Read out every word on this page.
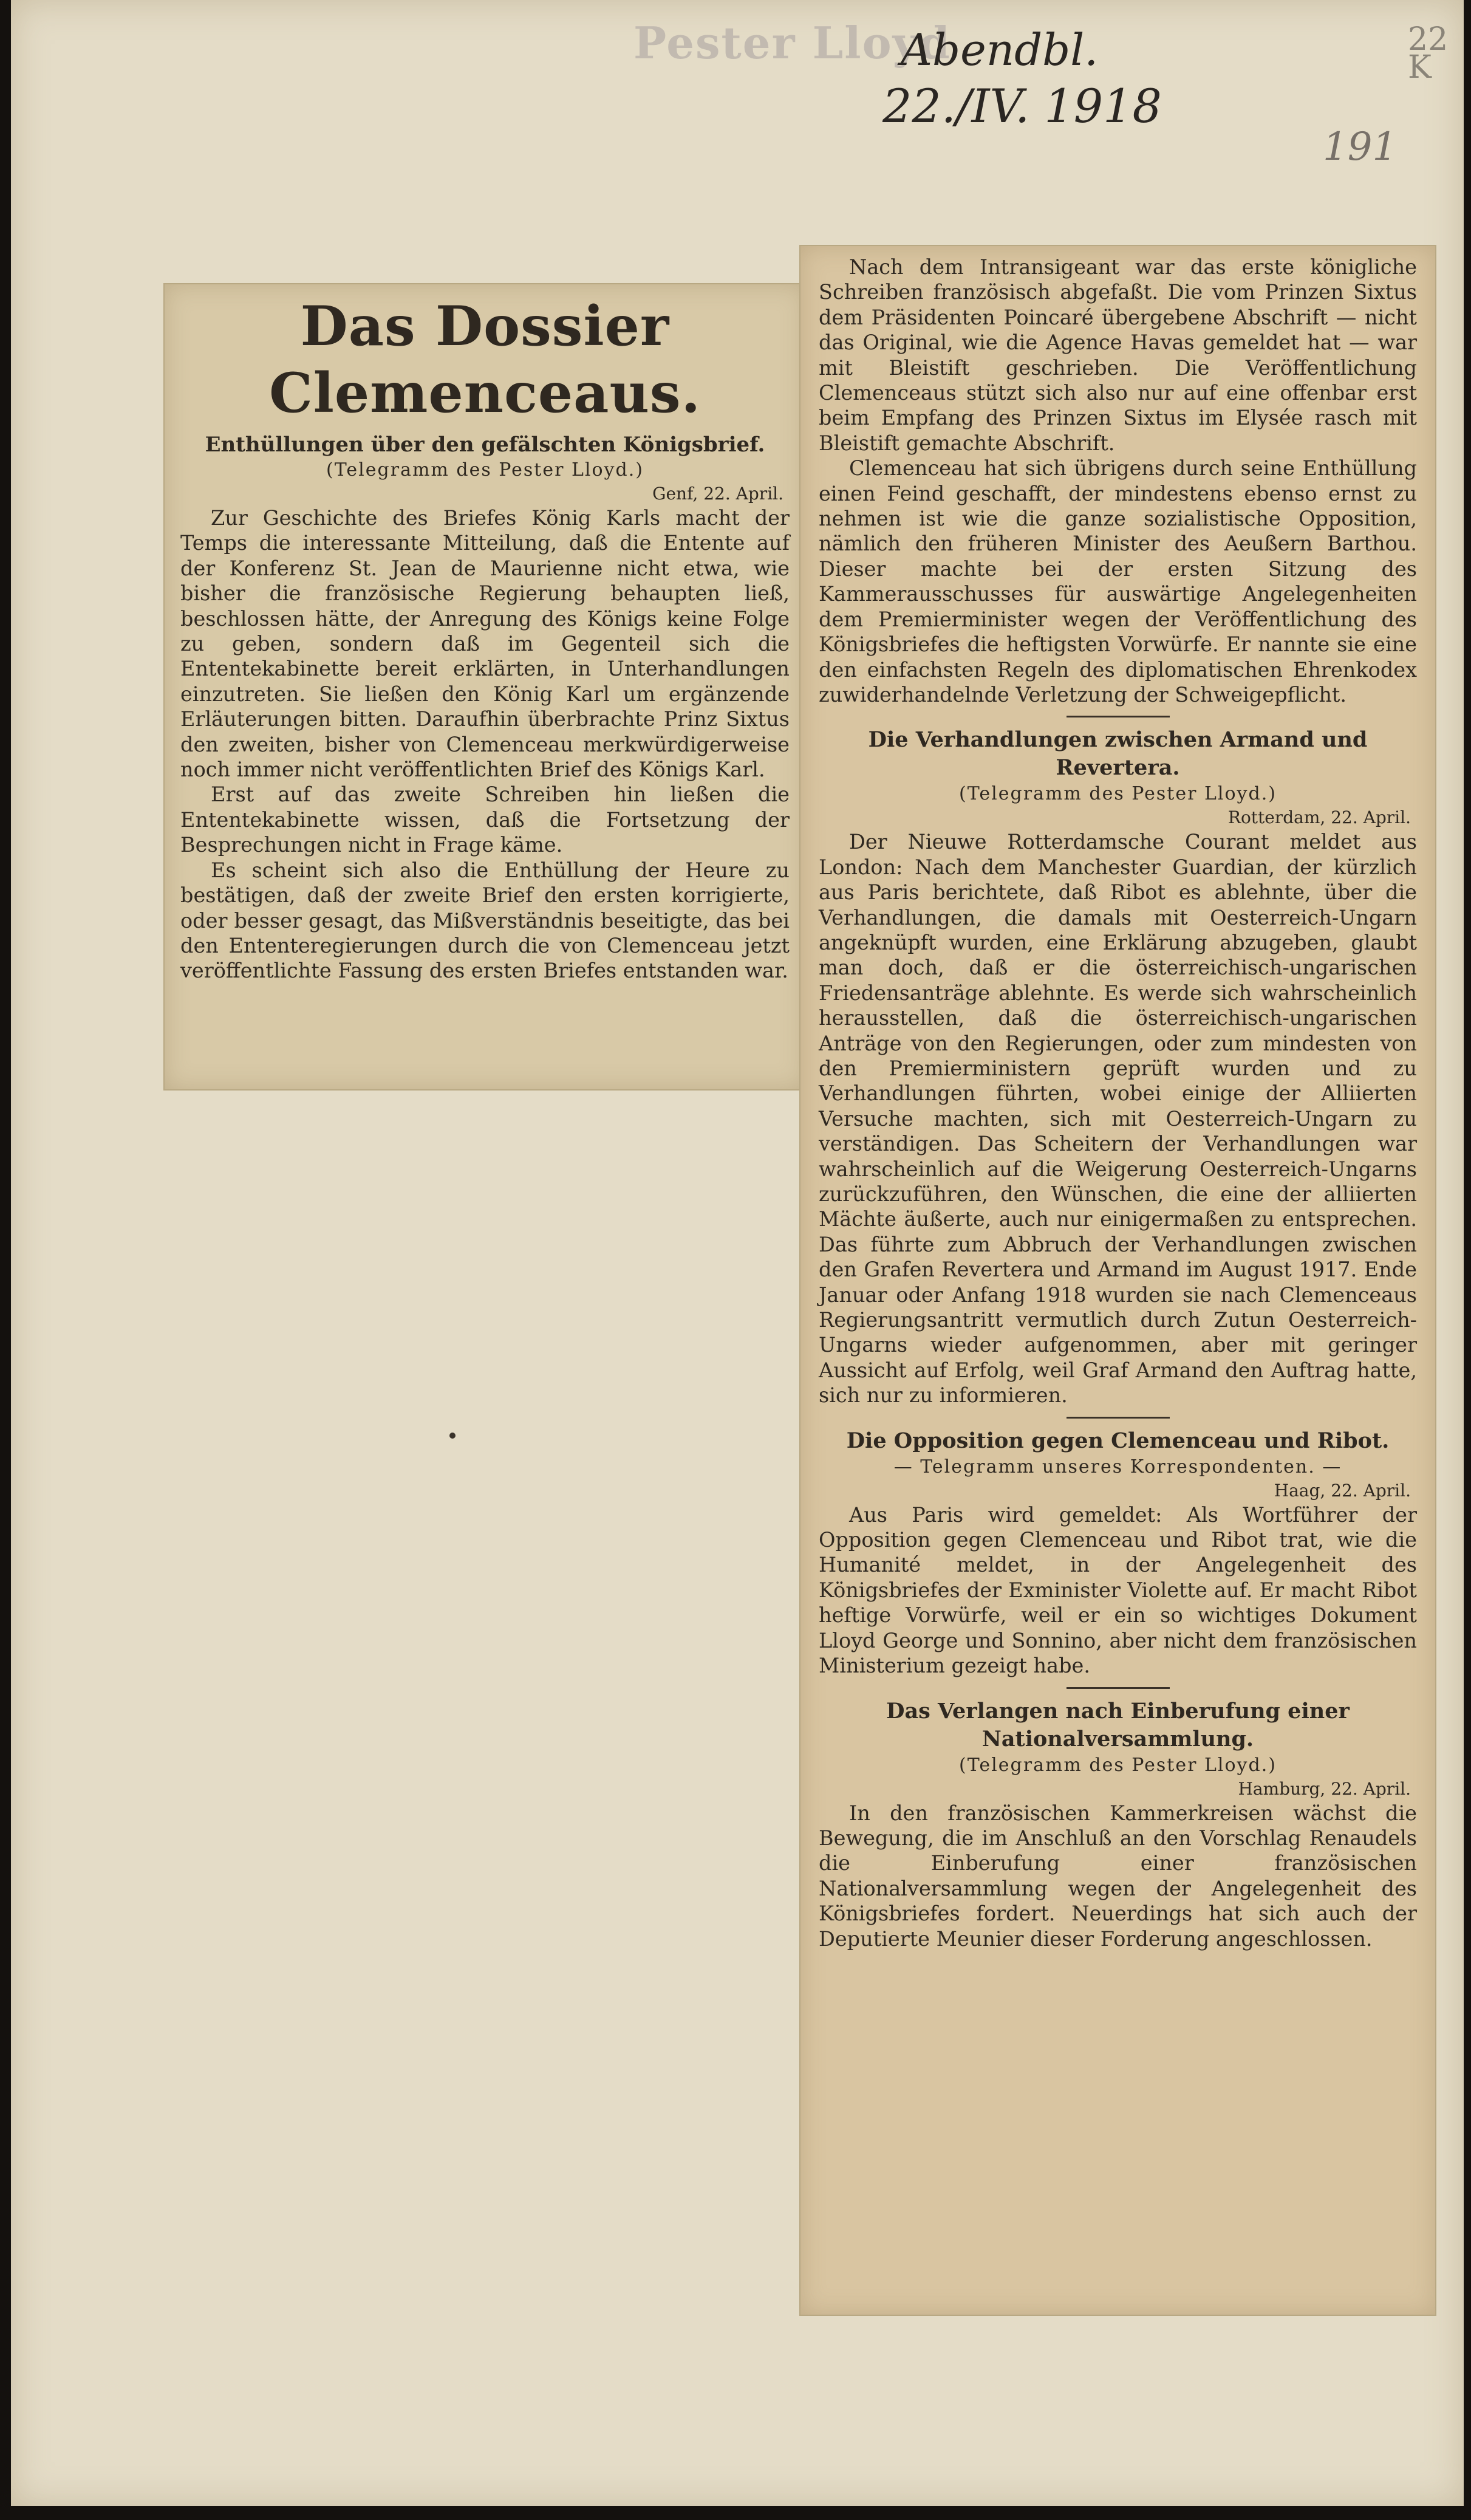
Pester Lloyd
Abendbl.
22./IV. 1918
191
22 K
Das Dossier Clemenceaus.
Enthüllungen über den gefälschten Königsbrief.
(Telegramm des Pester Lloyd.)
Genf, 22. April.

Zur Geschichte des Briefes König Karls macht der Temps die interessante Mitteilung, daß die Entente auf der Konferenz St. Jean de Maurienne nicht etwa, wie bisher die französische Regierung behaupten ließ, beschlossen hätte, der Anregung des Königs keine Folge zu geben, sondern daß im Gegenteil sich die Ententekabinette bereit erklärten, in Unterhandlungen einzutreten. Sie ließen den König Karl um ergänzende Erläuterungen bitten. Daraufhin überbrachte Prinz Sixtus den zweiten, bisher von Clemenceau merkwürdigerweise noch immer nicht veröffentlichten Brief des Königs Karl.

Erst auf das zweite Schreiben hin ließen die Ententekabinette wissen, daß die Fortsetzung der Besprechungen nicht in Frage käme.

Es scheint sich also die Enthüllung der Heure zu bestätigen, daß der zweite Brief den ersten korrigierte, oder besser gesagt, das Mißverständnis beseitigte, das bei den Ententeregierungen durch die von Clemenceau jetzt veröffentlichte Fassung des ersten Briefes entstanden war.

Nach dem Intransigeant war das erste königliche Schreiben französisch abgefaßt. Die vom Prinzen Sixtus dem Präsidenten Poincaré übergebene Abschrift — nicht das Original, wie die Agence Havas gemeldet hat — war mit Bleistift geschrieben. Die Veröffentlichung Clemenceaus stützt sich also nur auf eine offenbar erst beim Empfang des Prinzen Sixtus im Elysée rasch mit Bleistift gemachte Abschrift.

Clemenceau hat sich übrigens durch seine Enthüllung einen Feind geschafft, der mindestens ebenso ernst zu nehmen ist wie die ganze sozialistische Opposition, nämlich den früheren Minister des Aeußern Barthou. Dieser machte bei der ersten Sitzung des Kammerausschusses für auswärtige Angelegenheiten dem Premierminister wegen der Veröffentlichung des Königsbriefes die heftigsten Vorwürfe. Er nannte sie eine den einfachsten Regeln des diplomatischen Ehrenkodex zuwiderhandelnde Verletzung der Schweigepflicht.

Die Verhandlungen zwischen Armand und Revertera.
(Telegramm des Pester Lloyd.)
Rotterdam, 22. April.

Der Nieuwe Rotterdamsche Courant meldet aus London: Nach dem Manchester Guardian, der kürzlich aus Paris berichtete, daß Ribot es ablehnte, über die Verhandlungen, die damals mit Oesterreich-Ungarn angeknüpft wurden, eine Erklärung abzugeben, glaubt man doch, daß er die österreichisch-ungarischen Friedensanträge ablehnte. Es werde sich wahrscheinlich herausstellen, daß die österreichisch-ungarischen Anträge von den Regierungen, oder zum mindesten von den Premierministern geprüft wurden und zu Verhandlungen führten, wobei einige der Alliierten Versuche machten, sich mit Oesterreich-Ungarn zu verständigen. Das Scheitern der Verhandlungen war wahrscheinlich auf die Weigerung Oesterreich-Ungarns zurückzuführen, den Wünschen, die eine der alliierten Mächte äußerte, auch nur einigermaßen zu entsprechen. Das führte zum Abbruch der Verhandlungen zwischen den Grafen Revertera und Armand im August 1917. Ende Januar oder Anfang 1918 wurden sie nach Clemenceaus Regierungsantritt vermutlich durch Zutun Oesterreich-Ungarns wieder aufgenommen, aber mit geringer Aussicht auf Erfolg, weil Graf Armand den Auftrag hatte, sich nur zu informieren.

Die Opposition gegen Clemenceau und Ribot.
— Telegramm unseres Korrespondenten. —
Haag, 22. April.

Aus Paris wird gemeldet: Als Wortführer der Opposition gegen Clemenceau und Ribot trat, wie die Humanité meldet, in der Angelegenheit des Königsbriefes der Exminister Violette auf. Er macht Ribot heftige Vorwürfe, weil er ein so wichtiges Dokument Lloyd George und Sonnino, aber nicht dem französischen Ministerium gezeigt habe.

Das Verlangen nach Einberufung einer Nationalversammlung.
(Telegramm des Pester Lloyd.)
Hamburg, 22. April.

In den französischen Kammerkreisen wächst die Bewegung, die im Anschluß an den Vorschlag Renaudels die Einberufung einer französischen Nationalversammlung wegen der Angelegenheit des Königsbriefes fordert. Neuerdings hat sich auch der Deputierte Meunier dieser Forderung angeschlossen.
